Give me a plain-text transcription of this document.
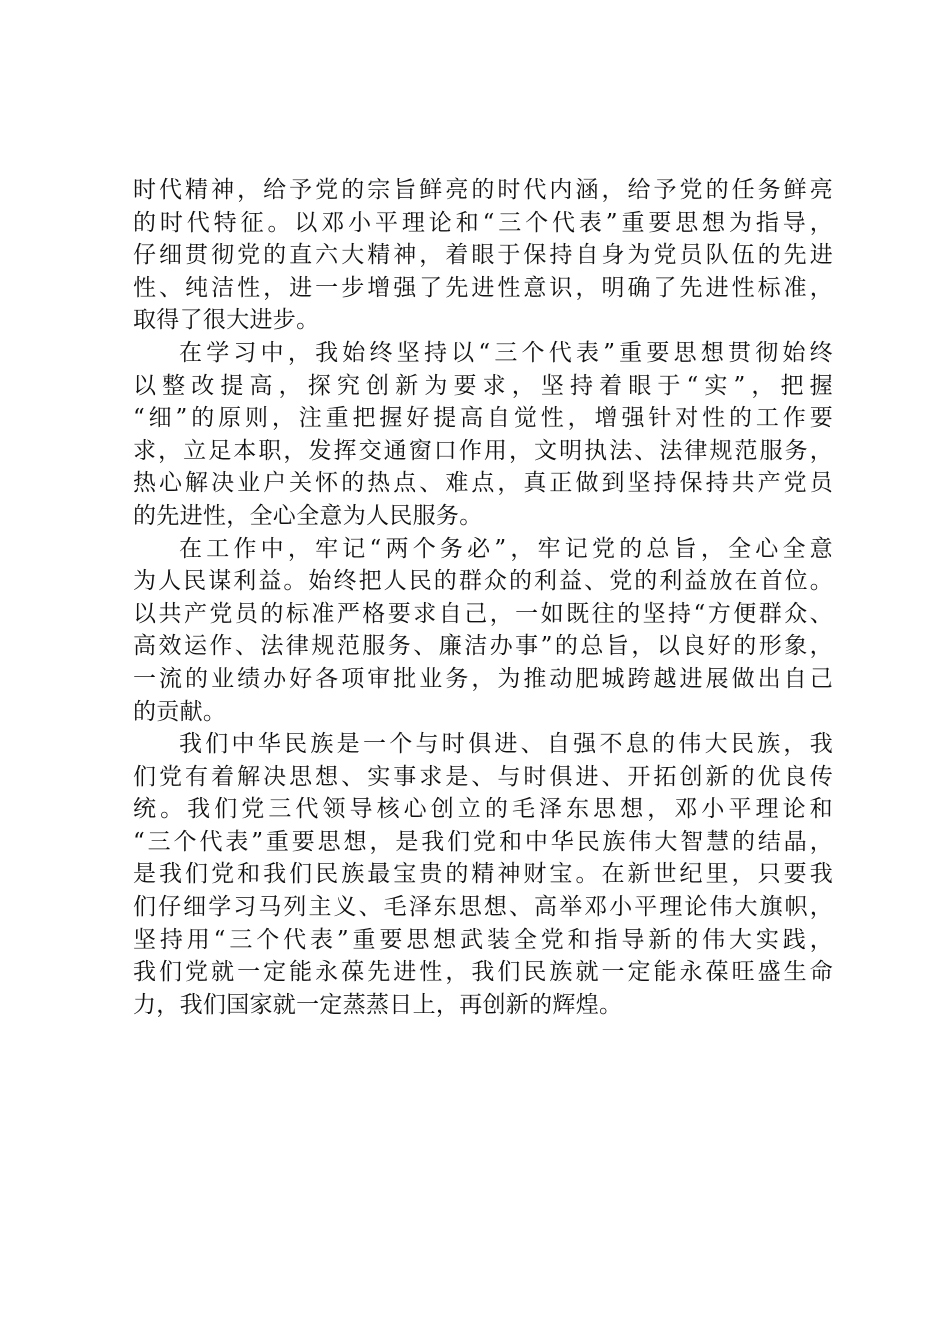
时代精神，给予党的宗旨鲜亮的时代内涵，给予党的任务鲜亮
的时代特征。以邓小平理论和“三个代表”重要思想为指导，
仔细贯彻党的直六大精神，着眼于保持自身为党员队伍的先进
性、纯洁性，进一步增强了先进性意识，明确了先进性标准，
取得了很大进步。
在学习中，我始终坚持以“三个代表”重要思想贯彻始终
以整改提高，探究创新为要求，坚持着眼于“实”，把握
“细”的原则，注重把握好提高自觉性，增强针对性的工作要
求，立足本职，发挥交通窗口作用，文明执法、法律规范服务，
热心解决业户关怀的热点、难点，真正做到坚持保持共产党员
的先进性，全心全意为人民服务。
在工作中，牢记“两个务必”，牢记党的总旨，全心全意
为人民谋利益。始终把人民的群众的利益、党的利益放在首位。
以共产党员的标准严格要求自己，一如既往的坚持“方便群众、
高效运作、法律规范服务、廉洁办事”的总旨，以良好的形象，
一流的业绩办好各项审批业务，为推动肥城跨越进展做出自己
的贡献。
我们中华民族是一个与时俱进、自强不息的伟大民族，我
们党有着解决思想、实事求是、与时俱进、开拓创新的优良传
统。我们党三代领导核心创立的毛泽东思想，邓小平理论和
“三个代表”重要思想，是我们党和中华民族伟大智慧的结晶，
是我们党和我们民族最宝贵的精神财宝。在新世纪里，只要我
们仔细学习马列主义、毛泽东思想、高举邓小平理论伟大旗帜，
坚持用“三个代表”重要思想武装全党和指导新的伟大实践，
我们党就一定能永葆先进性，我们民族就一定能永葆旺盛生命
力，我们国家就一定蒸蒸日上，再创新的辉煌。
